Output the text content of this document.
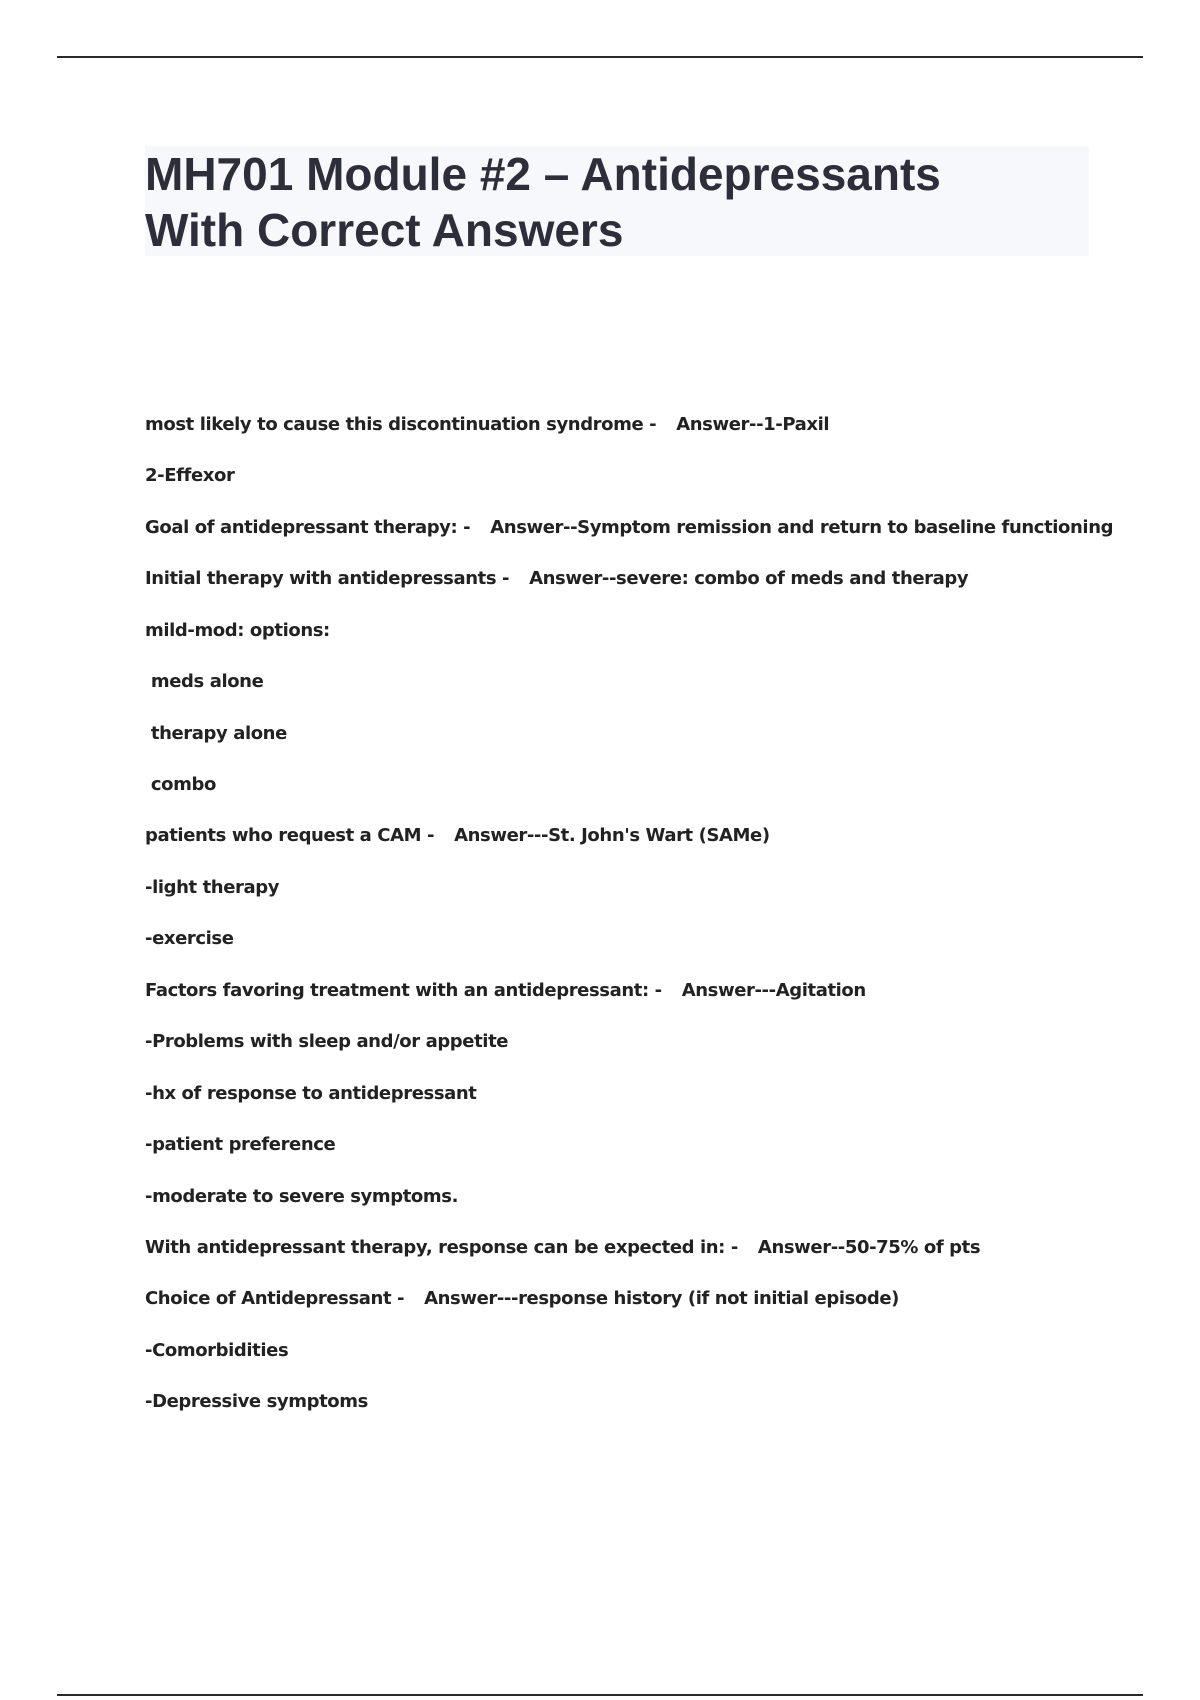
MH701 Module #2 – Antidepressants
With Correct Answers
most likely to cause this discontinuation syndrome - Answer--1-Paxil
2-Effexor
Goal of antidepressant therapy: - Answer--Symptom remission and return to baseline functioning
Initial therapy with antidepressants - Answer--severe: combo of meds and therapy
mild-mod: options:
meds alone
therapy alone
combo
patients who request a CAM - Answer---St. John's Wart (SAMe)
-light therapy
-exercise
Factors favoring treatment with an antidepressant: - Answer---Agitation
-Problems with sleep and/or appetite
-hx of response to antidepressant
-patient preference
-moderate to severe symptoms.
With antidepressant therapy, response can be expected in: - Answer--50-75% of pts
Choice of Antidepressant - Answer---response history (if not initial episode)
-Comorbidities
-Depressive symptoms
